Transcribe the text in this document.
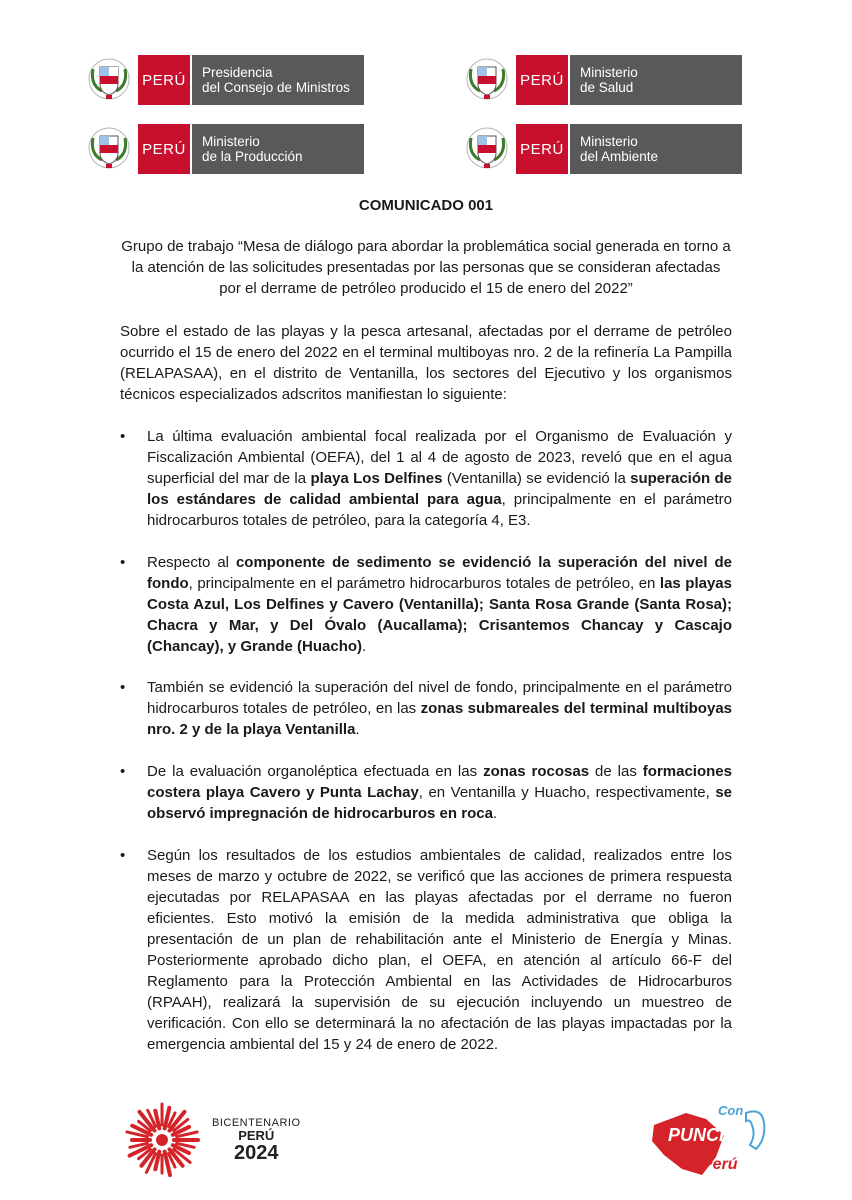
PERÚ	Presidencia
del Consejo de Ministros	PERÚ	Ministerio
de Salud
PERÚ	Ministerio
de la Producción	PERÚ	Ministerio
del Ambiente
COMUNICADO 001
Grupo de trabajo “Mesa de diálogo para abordar la problemática social generada en torno a la atención de las solicitudes presentadas por las personas que se consideran afectadas por el derrame de petróleo producido el 15 de enero del 2022”
Sobre el estado de las playas y la pesca artesanal, afectadas por el derrame de petróleo ocurrido el 15 de enero del 2022 en el terminal multiboyas nro. 2 de la refinería La Pampilla (RELAPASAA), en el distrito de Ventanilla, los sectores del Ejecutivo y los organismos técnicos especializados adscritos manifiestan lo siguiente:
•	La última evaluación ambiental focal realizada por el Organismo de Evaluación y Fiscalización Ambiental (OEFA), del 1 al 4 de agosto de 2023, reveló que en el agua superficial del mar de la playa Los Delfines (Ventanilla) se evidenció la superación de los estándares de calidad ambiental para agua, principalmente en el parámetro hidrocarburos totales de petróleo, para la categoría 4, E3.
•	Respecto al componente de sedimento se evidenció la superación del nivel de fondo, principalmente en el parámetro hidrocarburos totales de petróleo, en las playas Costa Azul, Los Delfines y Cavero (Ventanilla); Santa Rosa Grande (Santa Rosa); Chacra y Mar, y Del Óvalo (Aucallama); Crisantemos Chancay y Cascajo (Chancay), y Grande (Huacho).
•	También se evidenció la superación del nivel de fondo, principalmente en el parámetro hidrocarburos totales de petróleo, en las zonas submareales del terminal multiboyas nro. 2 y de la playa Ventanilla.
•	De la evaluación organoléptica efectuada en las zonas rocosas de las formaciones costera playa Cavero y Punta Lachay, en Ventanilla y Huacho, respectivamente, se observó impregnación de hidrocarburos en roca.
•	Según los resultados de los estudios ambientales de calidad, realizados entre los meses de marzo y octubre de 2022, se verificó que las acciones de primera respuesta ejecutadas por RELAPASAA en las playas afectadas por el derrame no fueron eficientes. Esto motivó la emisión de la medida administrativa que obliga la presentación de un plan de rehabilitación ante el Ministerio de Energía y Minas. Posteriormente aprobado dicho plan, el OEFA, en atención al artículo 66-F del Reglamento para la Protección Ambiental en las Actividades de Hidrocarburos (RPAAH), realizará la supervisión de su ejecución incluyendo un muestreo de verificación. Con ello se determinará la no afectación de las playas impactadas por la emergencia ambiental del 15 y 24 de enero de 2022.
BICENTENARIO
PERÚ
2024
Con
PUNCHE
Perú
